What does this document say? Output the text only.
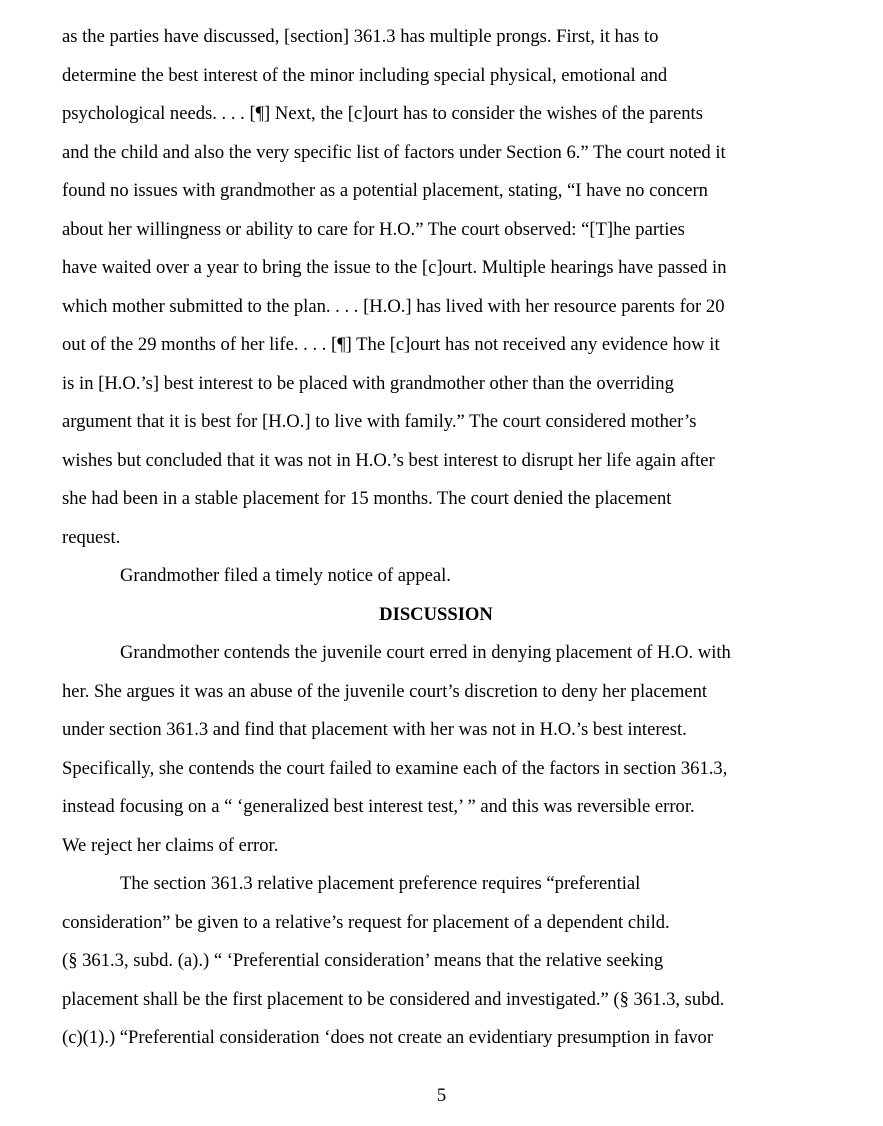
as the parties have discussed, [section] 361.3 has multiple prongs. First, it has to
determine the best interest of the minor including special physical, emotional and
psychological needs. . . . [¶] Next, the [c]ourt has to consider the wishes of the parents
and the child and also the very specific list of factors under Section 6.” The court noted it
found no issues with grandmother as a potential placement, stating, “I have no concern
about her willingness or ability to care for H.O.” The court observed: “[T]he parties
have waited over a year to bring the issue to the [c]ourt. Multiple hearings have passed in
which mother submitted to the plan. . . . [H.O.] has lived with her resource parents for 20
out of the 29 months of her life. . . . [¶] The [c]ourt has not received any evidence how it
is in [H.O.’s] best interest to be placed with grandmother other than the overriding
argument that it is best for [H.O.] to live with family.” The court considered mother’s
wishes but concluded that it was not in H.O.’s best interest to disrupt her life again after
she had been in a stable placement for 15 months. The court denied the placement
request.
Grandmother filed a timely notice of appeal.
DISCUSSION
Grandmother contends the juvenile court erred in denying placement of H.O. with
her. She argues it was an abuse of the juvenile court’s discretion to deny her placement
under section 361.3 and find that placement with her was not in H.O.’s best interest.
Specifically, she contends the court failed to examine each of the factors in section 361.3,
instead focusing on a “ ‘generalized best interest test,’ ” and this was reversible error.
We reject her claims of error.
The section 361.3 relative placement preference requires “preferential
consideration” be given to a relative’s request for placement of a dependent child.
(§ 361.3, subd. (a).) “ ‘Preferential consideration’ means that the relative seeking
placement shall be the first placement to be considered and investigated.” (§ 361.3, subd.
(c)(1).) “Preferential consideration ‘does not create an evidentiary presumption in favor
5
